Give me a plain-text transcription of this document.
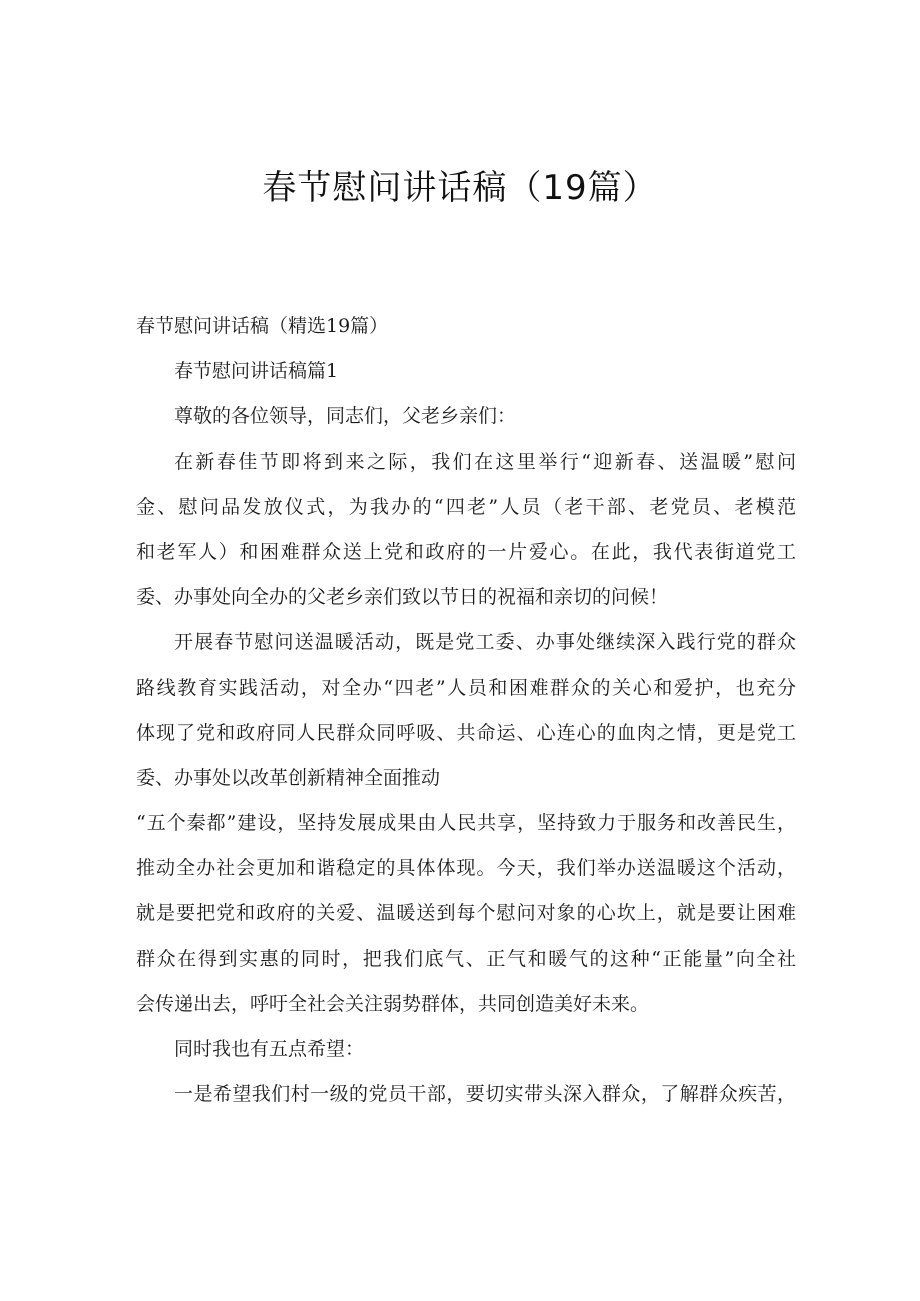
春节慰问讲话稿（19篇）
春节慰问讲话稿（精选19篇）
春节慰问讲话稿篇1
尊敬的各位领导，同志们，父老乡亲们：
在新春佳节即将到来之际，我们在这里举行“迎新春、送温暖”慰问
金、慰问品发放仪式，为我办的“四老”人员（老干部、老党员、老模范
和老军人）和困难群众送上党和政府的一片爱心。在此，我代表街道党工
委、办事处向全办的父老乡亲们致以节日的祝福和亲切的问候！
开展春节慰问送温暖活动，既是党工委、办事处继续深入践行党的群众
路线教育实践活动，对全办“四老”人员和困难群众的关心和爱护，也充分
体现了党和政府同人民群众同呼吸、共命运、心连心的血肉之情，更是党工
委、办事处以改革创新精神全面推动
“五个秦都”建设，坚持发展成果由人民共享，坚持致力于服务和改善民生，
推动全办社会更加和谐稳定的具体体现。今天，我们举办送温暖这个活动，
就是要把党和政府的关爱、温暖送到每个慰问对象的心坎上，就是要让困难
群众在得到实惠的同时，把我们底气、正气和暖气的这种“正能量”向全社
会传递出去，呼吁全社会关注弱势群体，共同创造美好未来。
同时我也有五点希望：
一是希望我们村一级的党员干部，要切实带头深入群众，了解群众疾苦，
